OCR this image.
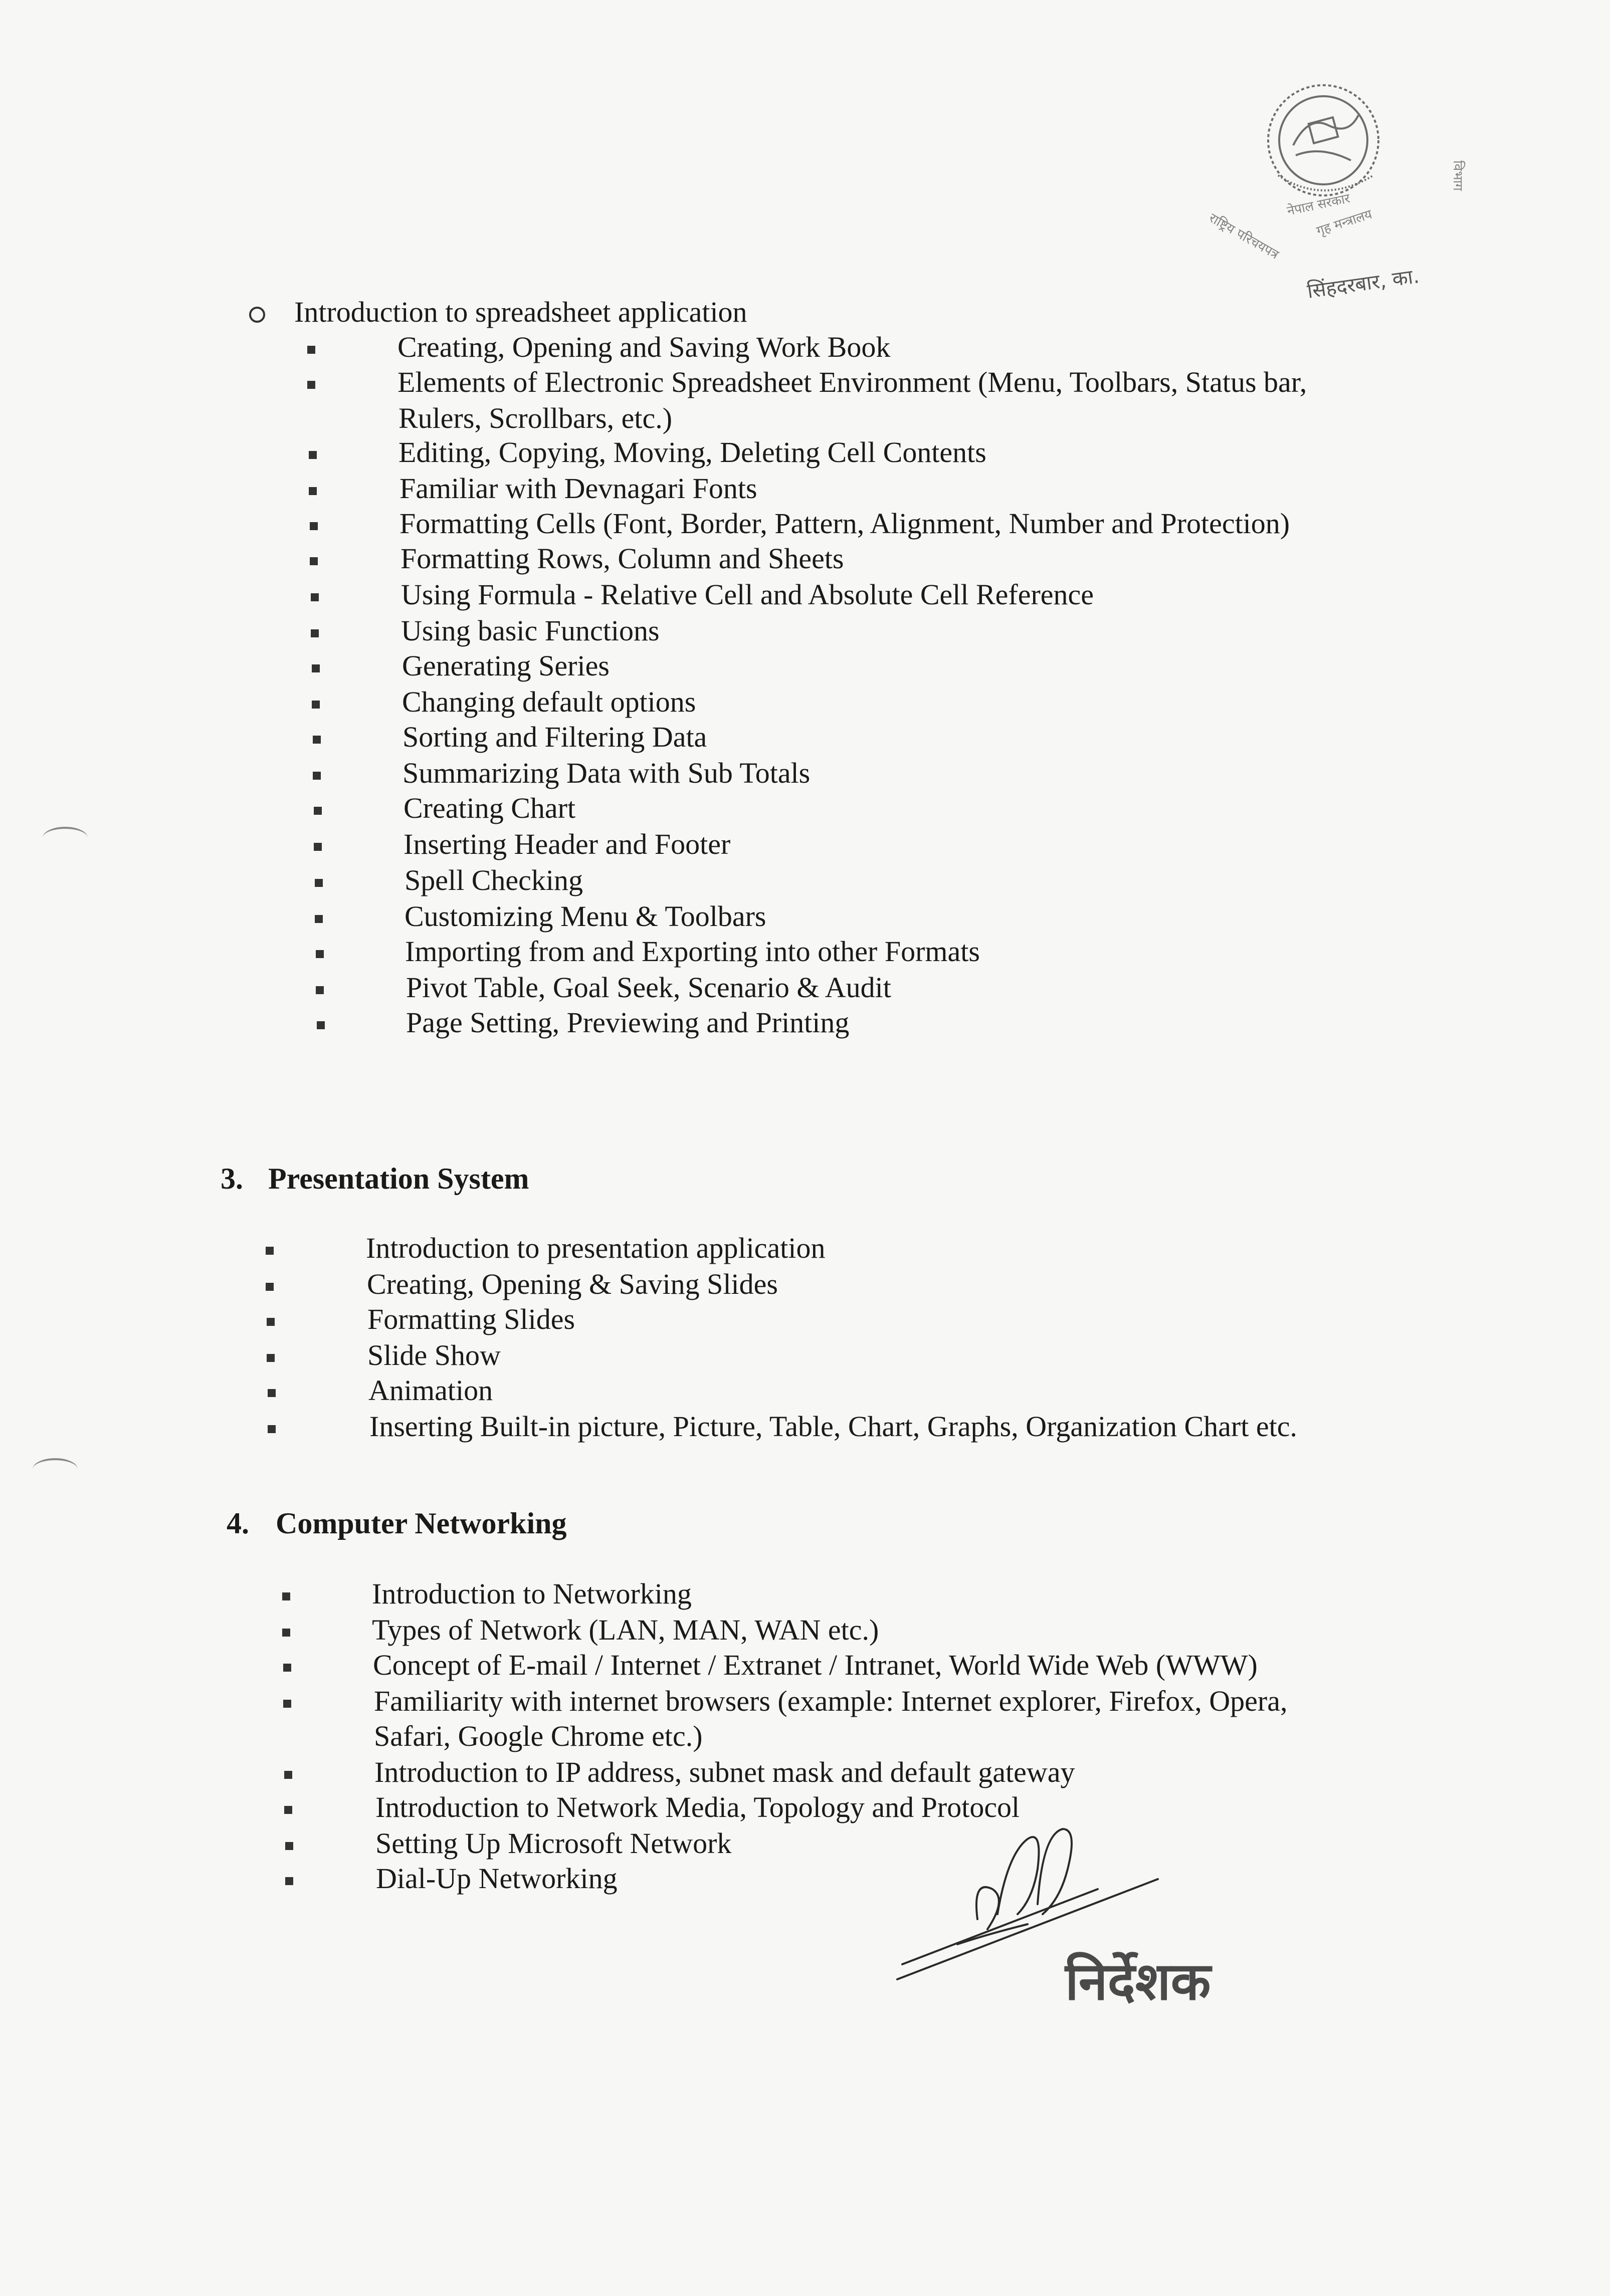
नेपाल सरकार
गृह मन्त्रालय
राष्ट्रिय परिचयपत्र
विभाग
सिंहदरबार, का.
Introduction to spreadsheet application
Creating, Opening and Saving Work Book
Elements of Electronic Spreadsheet Environment (Menu, Toolbars, Status bar,
Rulers, Scrollbars, etc.)
Editing, Copying, Moving, Deleting Cell Contents
Familiar with Devnagari Fonts
Formatting Cells (Font, Border, Pattern, Alignment, Number and Protection)
Formatting Rows, Column and Sheets
Using Formula - Relative Cell and Absolute Cell Reference
Using basic Functions
Generating Series
Changing default options
Sorting and Filtering Data
Summarizing Data with Sub Totals
Creating Chart
Inserting Header and Footer
Spell Checking
Customizing Menu & Toolbars
Importing from and Exporting into other Formats
Pivot Table, Goal Seek, Scenario & Audit
Page Setting, Previewing and Printing
3. Presentation System
Introduction to presentation application
Creating, Opening & Saving Slides
Formatting Slides
Slide Show
Animation
Inserting Built-in picture, Picture, Table, Chart, Graphs, Organization Chart etc.
4. Computer Networking
Introduction to Networking
Types of Network (LAN, MAN, WAN etc.)
Concept of E-mail / Internet / Extranet / Intranet, World Wide Web (WWW)
Familiarity with internet browsers (example: Internet explorer, Firefox, Opera,
Safari, Google Chrome etc.)
Introduction to IP address, subnet mask and default gateway
Introduction to Network Media, Topology and Protocol
Setting Up Microsoft Network
Dial-Up Networking
निर्देशक
